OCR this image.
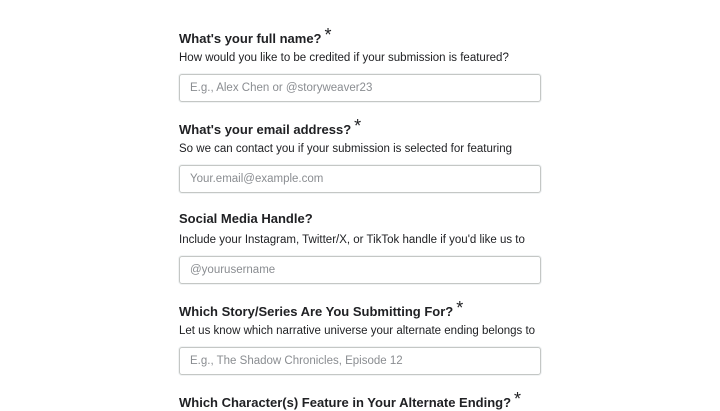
What's your full name? *
How would you like to be credited if your submission is featured?
E.g., Alex Chen or @storyweaver23
What's your email address? *
So we can contact you if your submission is selected for featuring
Your.email@example.com
Social Media Handle?
Include your Instagram, Twitter/X, or TikTok handle if you'd like us to
@yourusername
Which Story/Series Are You Submitting For? *
Let us know which narrative universe your alternate ending belongs to
E.g., The Shadow Chronicles, Episode 12
Which Character(s) Feature in Your Alternate Ending? *
